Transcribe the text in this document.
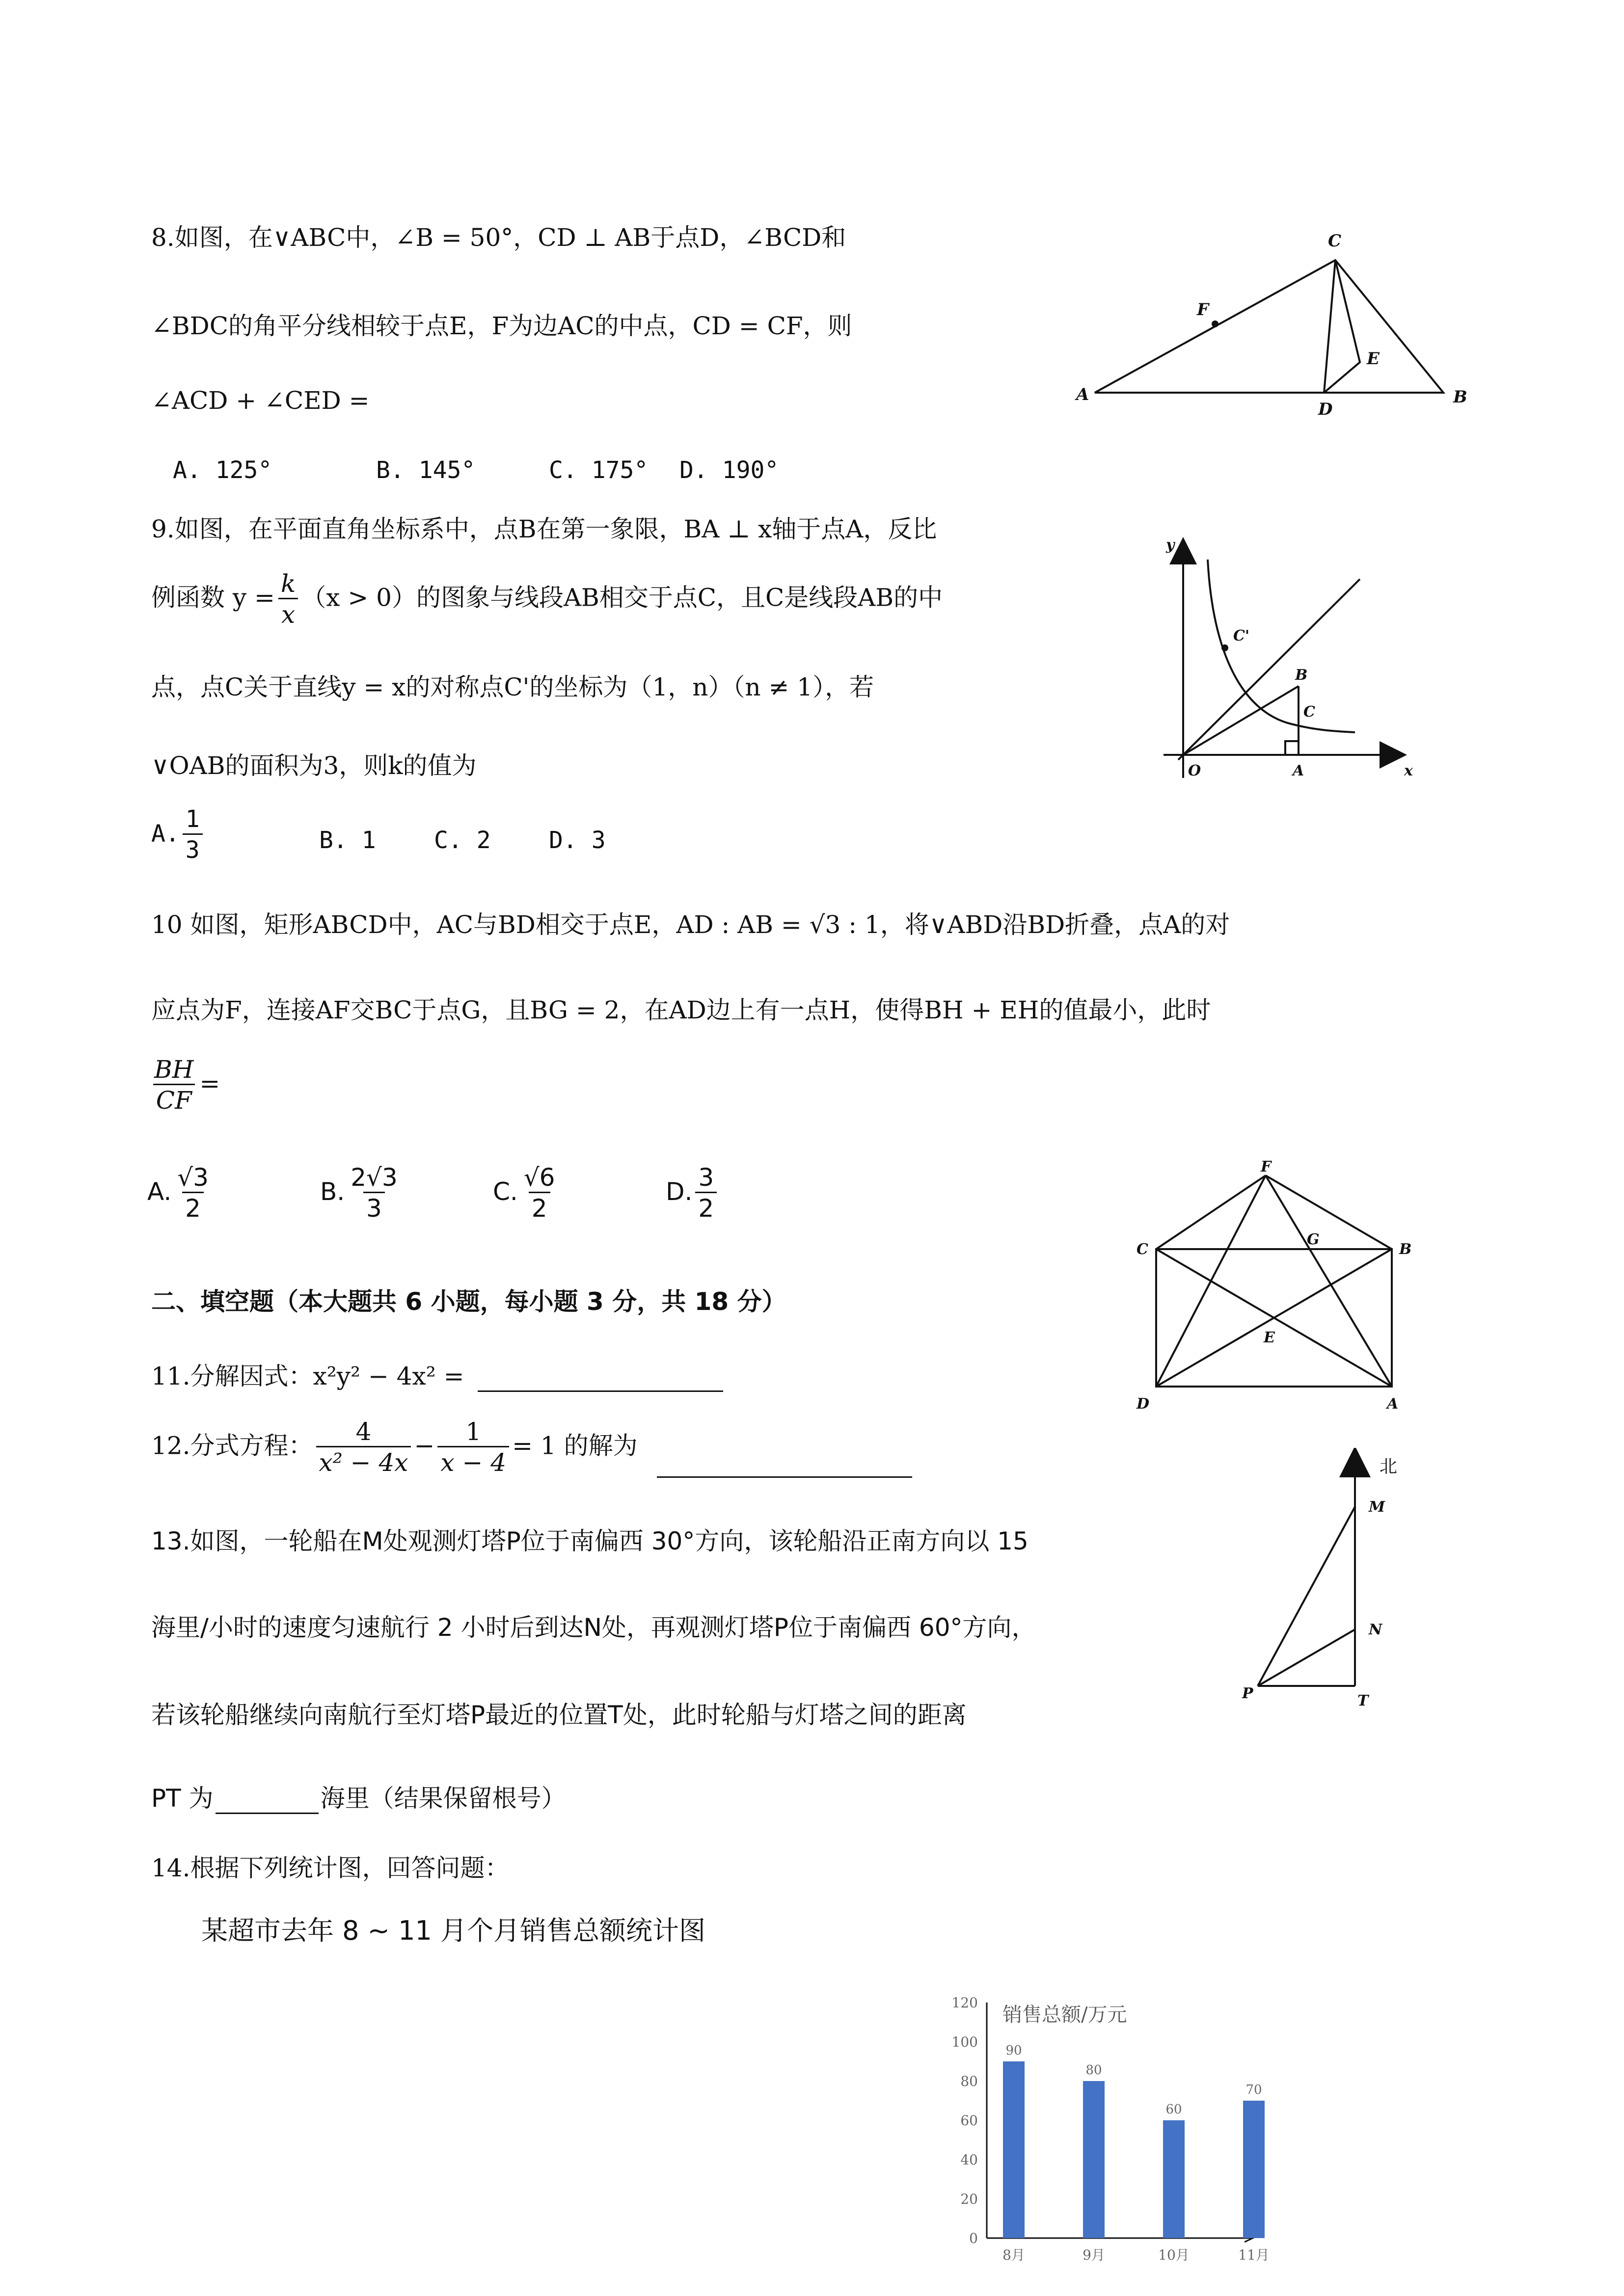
8.如图，在∨ABC中，∠B = 50°，CD ⊥ AB于点D，∠BCD和
∠BDC的角平分线相较于点E，F为边AC的中点，CD = CF，则
∠ACD + ∠CED =
A. 125°	B. 145°	C. 175° D. 190°
C
F
E
A
D
B
9.如图，在平面直角坐标系中，点B在第一象限，BA ⊥ x轴于点A，反比
例函数 $y = \frac{k}{x} (x > 0)$的图象与线段AB相交于点C，且C是线段AB的中
点，点C关于直线y = x的对称点C'的坐标为（1，n）（n ≠ 1），若
∨OAB的面积为3，则k的值为
A. $\frac{1}{3}$	B. 1 C. 2 D. 3
y
C'
B
C
O	A	x
10 如图，矩形ABCD中，AC与BD相交于点E，AD : AB = √3 : 1，将∨ABD沿BD折叠，点A的对
应点为F，连接AF交BC于点G，且BG = 2，在AD边上有一点H，使得BH + EH的值最小，此时
$\frac{BH}{CF}$ =
A. $\frac{√3}{2}$	B. $\frac{2√3}{3}$	C. $\frac{√6}{2}$	D. $\frac{3}{2}$	F
C
G
B
E
D	A
二、填空题（本大题共 6 小题，每小题 3 分，共 18 分）
11.分解因式：x²y² − 4x² =
12.分式方程： $\frac{4}{\text{x² − 4x}} - \frac{1}{x - 4} = 1$ 的解为
13.如图，一轮船在M处观测灯塔P位于南偏西 30°方向，该轮船沿正南方向以 15
海里/小时的速度匀速航行 2 小时后到达N处，再观测灯塔P位于南偏西 60°方向，
若该轮船继续向南航行至灯塔P最近的位置T处，此时轮船与灯塔之间的距离
PT 为	海里（结果保留根号）
北
M
N
P	T
14.根据下列统计图，回答问题：
某超市去年 8 ~ 11 月个月销售总额统计图
销售总额/万元
0
20
40
60
80
100
120
90
8月
80
9月
60
10月
70
11月
